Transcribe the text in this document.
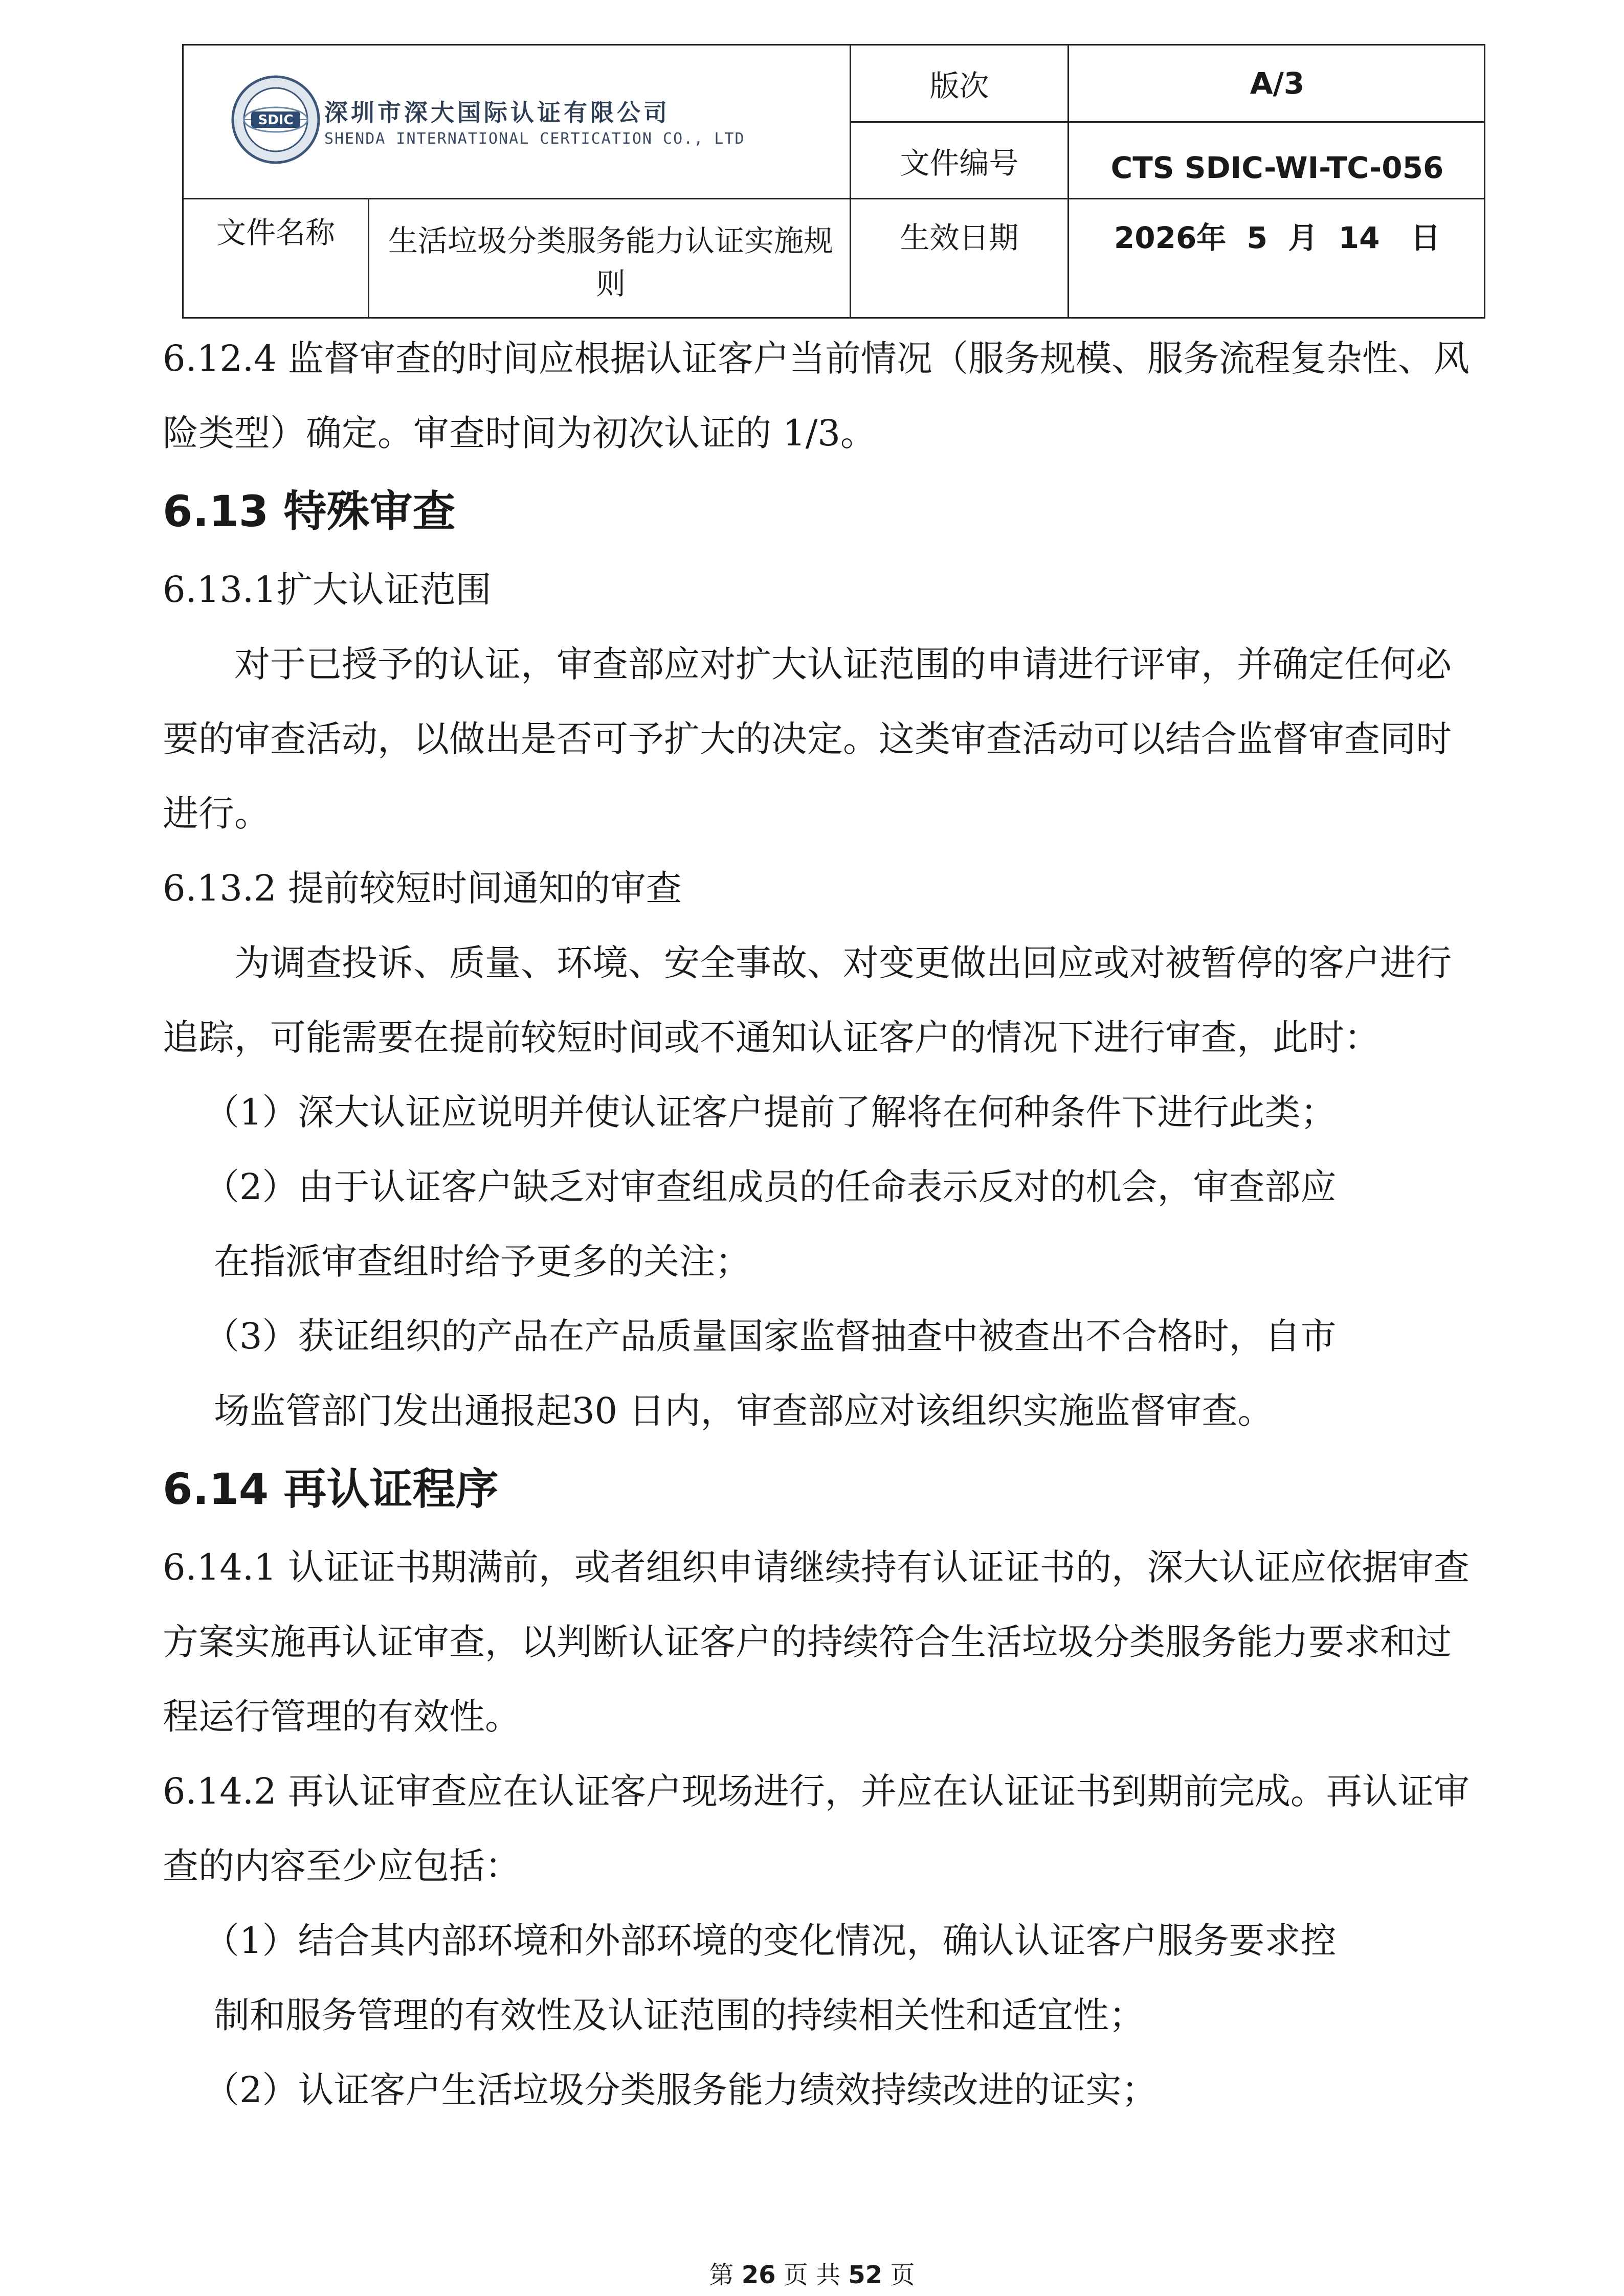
SDIC 深圳市深大国际认证有限公司
SHENDA INTERNATIONAL CERTICATION CO., LTD
版次	A/3
文件编号	CTS SDIC-WI-TC-056
文件名称	生活垃圾分类服务能力认证实施规则
生效日期	2026年  5  月  14   日

6.12.4 监督审查的时间应根据认证客户当前情况（服务规模、服务流程复杂性、风险类型）确定。审查时间为初次认证的 1/3。

6.13 特殊审查

6.13.1扩大认证范围

对于已授予的认证，审查部应对扩大认证范围的申请进行评审，并确定任何必要的审查活动，以做出是否可予扩大的决定。这类审查活动可以结合监督审查同时进行。

6.13.2 提前较短时间通知的审查

为调查投诉、质量、环境、安全事故、对变更做出回应或对被暂停的客户进行追踪，可能需要在提前较短时间或不通知认证客户的情况下进行审查，此时：

（1）深大认证应说明并使认证客户提前了解将在何种条件下进行此类；

（2）由于认证客户缺乏对审查组成员的任命表示反对的机会，审查部应

在指派审查组时给予更多的关注；

（3）获证组织的产品在产品质量国家监督抽查中被查出不合格时，自市

场监管部门发出通报起30 日内，审查部应对该组织实施监督审查。

6.14 再认证程序

6.14.1 认证证书期满前，或者组织申请继续持有认证证书的，深大认证应依据审查方案实施再认证审查，以判断认证客户的持续符合生活垃圾分类服务能力要求和过程运行管理的有效性。

6.14.2 再认证审查应在认证客户现场进行，并应在认证证书到期前完成。再认证审查的内容至少应包括：

（1）结合其内部环境和外部环境的变化情况，确认认证客户服务要求控

制和服务管理的有效性及认证范围的持续相关性和适宜性；

（2）认证客户生活垃圾分类服务能力绩效持续改进的证实；

第 26 页 共 52 页
